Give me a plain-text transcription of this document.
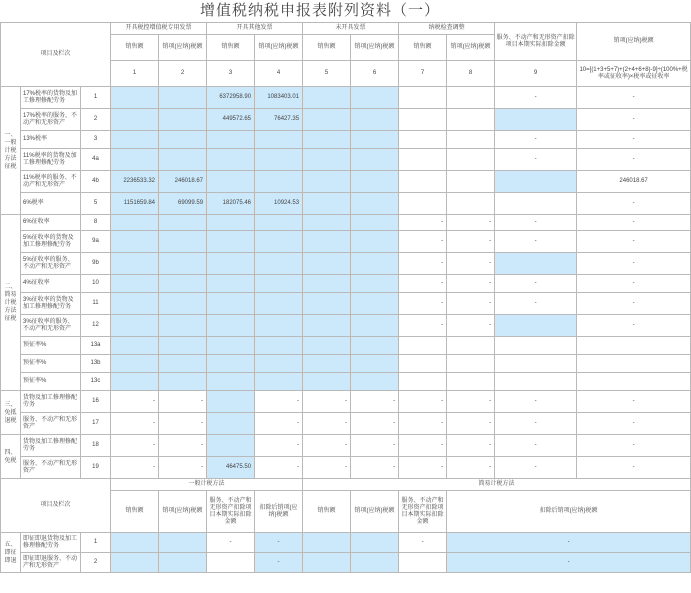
增值税纳税申报表附列资料（一）
项目及栏次			开具税控增值税专用发票		开具其他发票		未开具发票		纳税检查调整		服务、不动产和无形资产扣除项目本期实际扣除金额	销项(应纳)税额
			销售额	销项(应纳)税额	销售额	销项(应纳)税额	销售额	销项(应纳)税额	销售额	销项(应纳)税额		
			1	2	3	4	5	6	7	8	9	10=[(1+3+5+7)+(2+4+6+8)-9]÷(100%+税率或征收率)×税率或征收率
一、一般计税方法征税	17%税率的货物及加工修理修配劳务	1			6372958.90	1083403.01					-	-
	17%税率的服务、不动产和无形资产	2			449572.65	76427.35						-
	13%税率	3									-	-
	11%税率的货物及加工修理修配劳务	4a									-	-
	11%税率的服务、不动产和无形资产	4b	2236533.32	246018.67								246018.67
	6%税率	5	1151659.84	69099.59	182075.46	10924.53						-
二、简易计税方法征税	6%征收率	8							-	-	-	-
	5%征收率的货物及加工修理修配劳务	9a							-	-	-	-
	5%征收率的服务、不动产和无形资产	9b							-	-		-
	4%征收率	10							-	-	-	-
	3%征收率的货物及加工修理修配劳务	11							-	-	-	-
	3%征收率的服务、不动产和无形资产	12							-	-		-
	预征率%	13a										
	预征率%	13b										
	预征率%	13c										
三、免抵退税	货物及加工修理修配劳务	16	-	-		-	-	-	-	-	-	-
	服务、不动产和无形资产	17	-	-		-	-	-	-	-	-	-
四、免税	货物及加工修理修配劳务	18	-	-		-	-	-	-	-	-	-
	服务、不动产和无形资产	19	-	-	46475.50	-	-	-	-	-	-	-
项目及栏次			一般计税方法				简易计税方法					
			销售额	销项(应纳)税额	服务、不动产和无形资产扣除项目本期实际扣除金额	扣除后销项(应纳)税额	销售额	销项(应纳)税额	服务、不动产和无形资产扣除项目本期实际扣除金额	扣除后销项(应纳)税额		
五、即征即退	即征即退货物及加工修理修配劳务	1			-	-			-	-		
	即征即退服务、不动产和无形资产	2				-				-		
